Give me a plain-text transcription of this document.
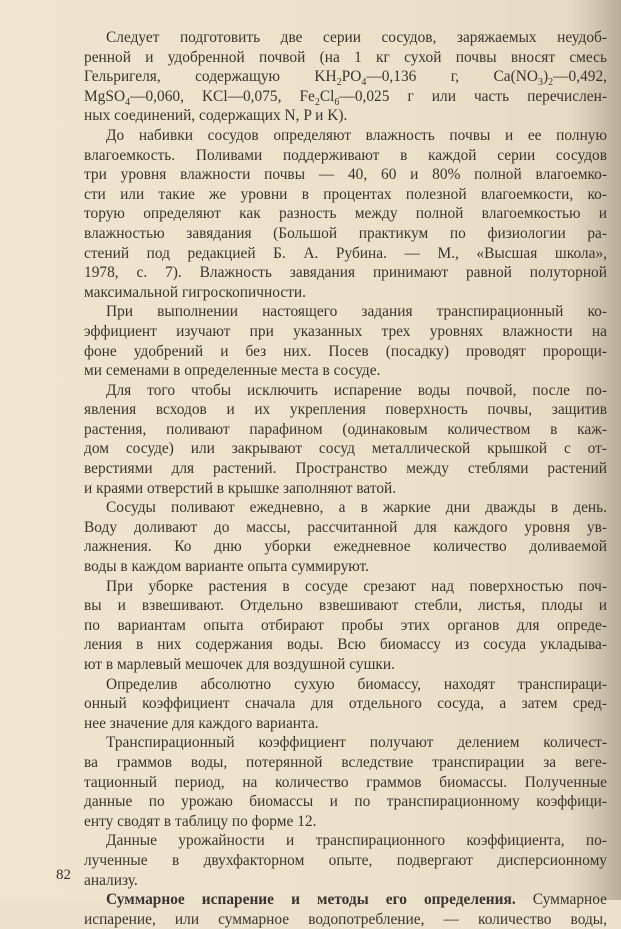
Следует подготовить две серии сосудов, заряжаемых неудоб-
ренной и удобренной почвой (на 1 кг сухой почвы вносят смесь
Гельригеля, содержащую $KH_2PO_4—0,136$ г, $Ca(NO_3)_2—0,492$,
MgSO$_4$—0,060, KCl—0,075, $Fe_2Cl_6—0,025$ г или часть перечислен-
ных соединений, содержащих N, P и K).

До набивки сосудов определяют влажность почвы и ее полную
влагоемкость. Поливами поддерживают в каждой серии сосудов
три уровня влажности почвы — 40, 60 и 80% полной влагоемко-
сти или такие же уровни в процентах полезной влагоемкости, ко-
торую определяют как разность между полной влагоемкостью и
влажностью завядания (Большой практикум по физиологии ра-
стений под редакцией Б. А. Рубина. — М., «Высшая школа»,
1978, с. 7). Влажность завядания принимают равной полуторной
максимальной гигроскопичности.

При выполнении настоящего задания транспирационный ко-
эффициент изучают при указанных трех уровнях влажности на
фоне удобрений и без них. Посев (посадку) проводят пророщи-
ми семенами в определенные места в сосуде.

Для того чтобы исключить испарение воды почвой, после по-
явления всходов и их укрепления поверхность почвы, защитив
растения, поливают парафином (одинаковым количеством в каж-
дом сосуде) или закрывают сосуд металлической крышкой с от-
верстиями для растений. Пространство между стеблями растений
и краями отверстий в крышке заполняют ватой.

Сосуды поливают ежедневно, а в жаркие дни дважды в день.
Воду доливают до массы, рассчитанной для каждого уровня ув-
лажнения. Ко дню уборки ежедневное количество доливаемой
воды в каждом варианте опыта суммируют.

При уборке растения в сосуде срезают над поверхностью поч-
вы и взвешивают. Отдельно взвешивают стебли, листья, плоды и
по вариантам опыта отбирают пробы этих органов для опреде-
ления в них содержания воды. Всю биомассу из сосуда укладыва-
ют в марлевый мешочек для воздушной сушки.

Определив абсолютно сухую биомассу, находят транспираци-
онный коэффициент сначала для отдельного сосуда, а затем сред-
нее значение для каждого варианта.

Транспирационный коэффициент получают делением количест-
ва граммов воды, потерянной вследствие транспирации за веге-
тационный период, на количество граммов биомассы. Полученные
данные по урожаю биомассы и по транспирационному коэффици-
енту сводят в таблицу по форме 12.

Данные урожайности и транспирационного коэффициента, по-
лученные в двухфакторном опыте, подвергают дисперсионному
анализу.

Суммарное испарение и методы его определения. Суммарное
испарение, или суммарное водопотребление, — количество воды,

82
